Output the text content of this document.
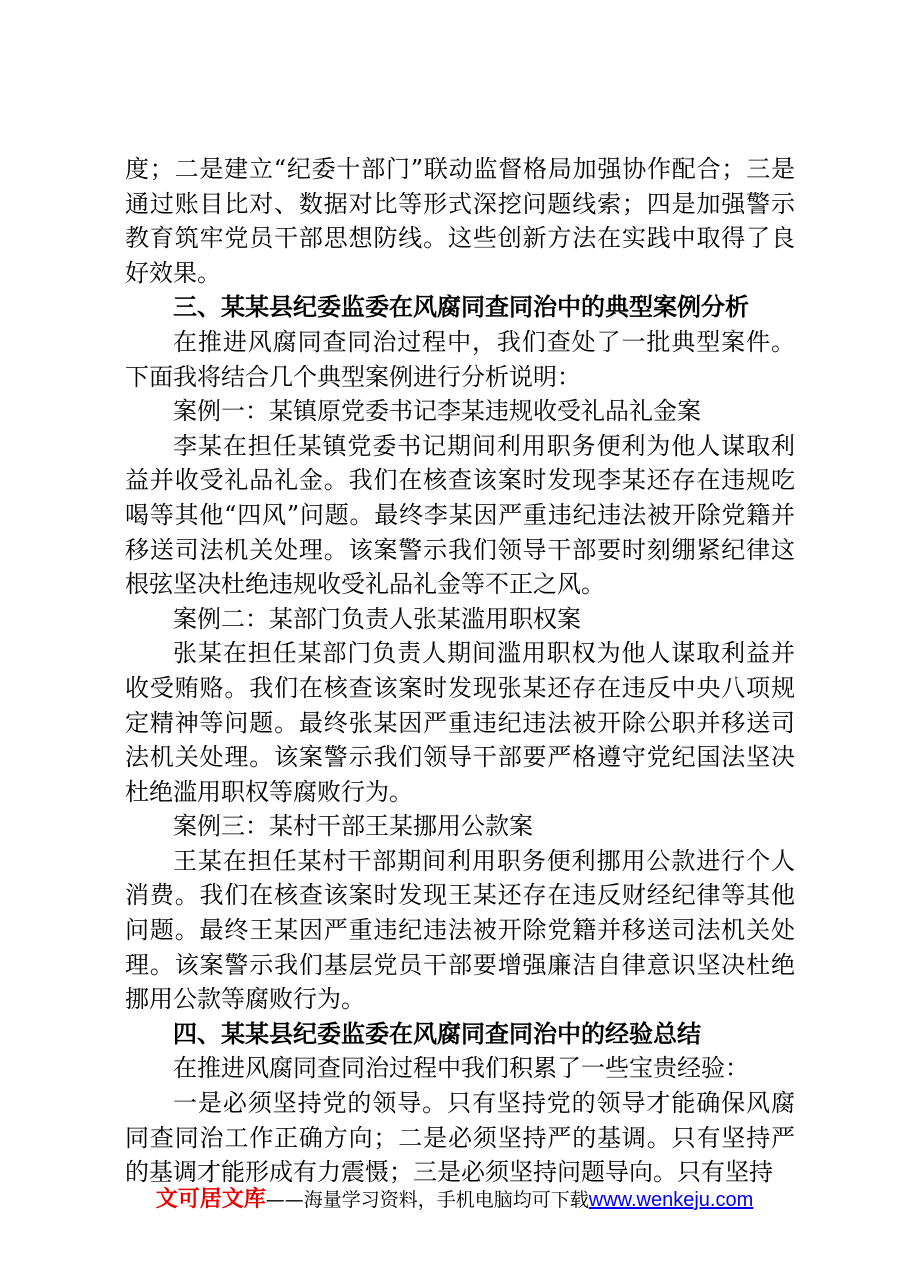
度；二是建立“纪委十部门”联动监督格局加强协作配合；三是通过账目比对、数据对比等形式深挖问题线索；四是加强警示教育筑牢党员干部思想防线。这些创新方法在实践中取得了良好效果。

三、某某县纪委监委在风腐同查同治中的典型案例分析

在推进风腐同查同治过程中，我们查处了一批典型案件。下面我将结合几个典型案例进行分析说明：

案例一：某镇原党委书记李某违规收受礼品礼金案

李某在担任某镇党委书记期间利用职务便利为他人谋取利益并收受礼品礼金。我们在核查该案时发现李某还存在违规吃喝等其他“四风”问题。最终李某因严重违纪违法被开除党籍并移送司法机关处理。该案警示我们领导干部要时刻绷紧纪律这根弦坚决杜绝违规收受礼品礼金等不正之风。

案例二：某部门负责人张某滥用职权案

张某在担任某部门负责人期间滥用职权为他人谋取利益并收受贿赂。我们在核查该案时发现张某还存在违反中央八项规定精神等问题。最终张某因严重违纪违法被开除公职并移送司法机关处理。该案警示我们领导干部要严格遵守党纪国法坚决杜绝滥用职权等腐败行为。

案例三：某村干部王某挪用公款案

王某在担任某村干部期间利用职务便利挪用公款进行个人消费。我们在核查该案时发现王某还存在违反财经纪律等其他问题。最终王某因严重违纪违法被开除党籍并移送司法机关处理。该案警示我们基层党员干部要增强廉洁自律意识坚决杜绝挪用公款等腐败行为。

四、某某县纪委监委在风腐同查同治中的经验总结

在推进风腐同查同治过程中我们积累了一些宝贵经验：

一是必须坚持党的领导。只有坚持党的领导才能确保风腐同查同治工作正确方向；二是必须坚持严的基调。只有坚持严的基调才能形成有力震慑；三是必须坚持问题导向。只有坚持

文可居文库——海量学习资料，手机电脑均可下载www.wenkeju.com
